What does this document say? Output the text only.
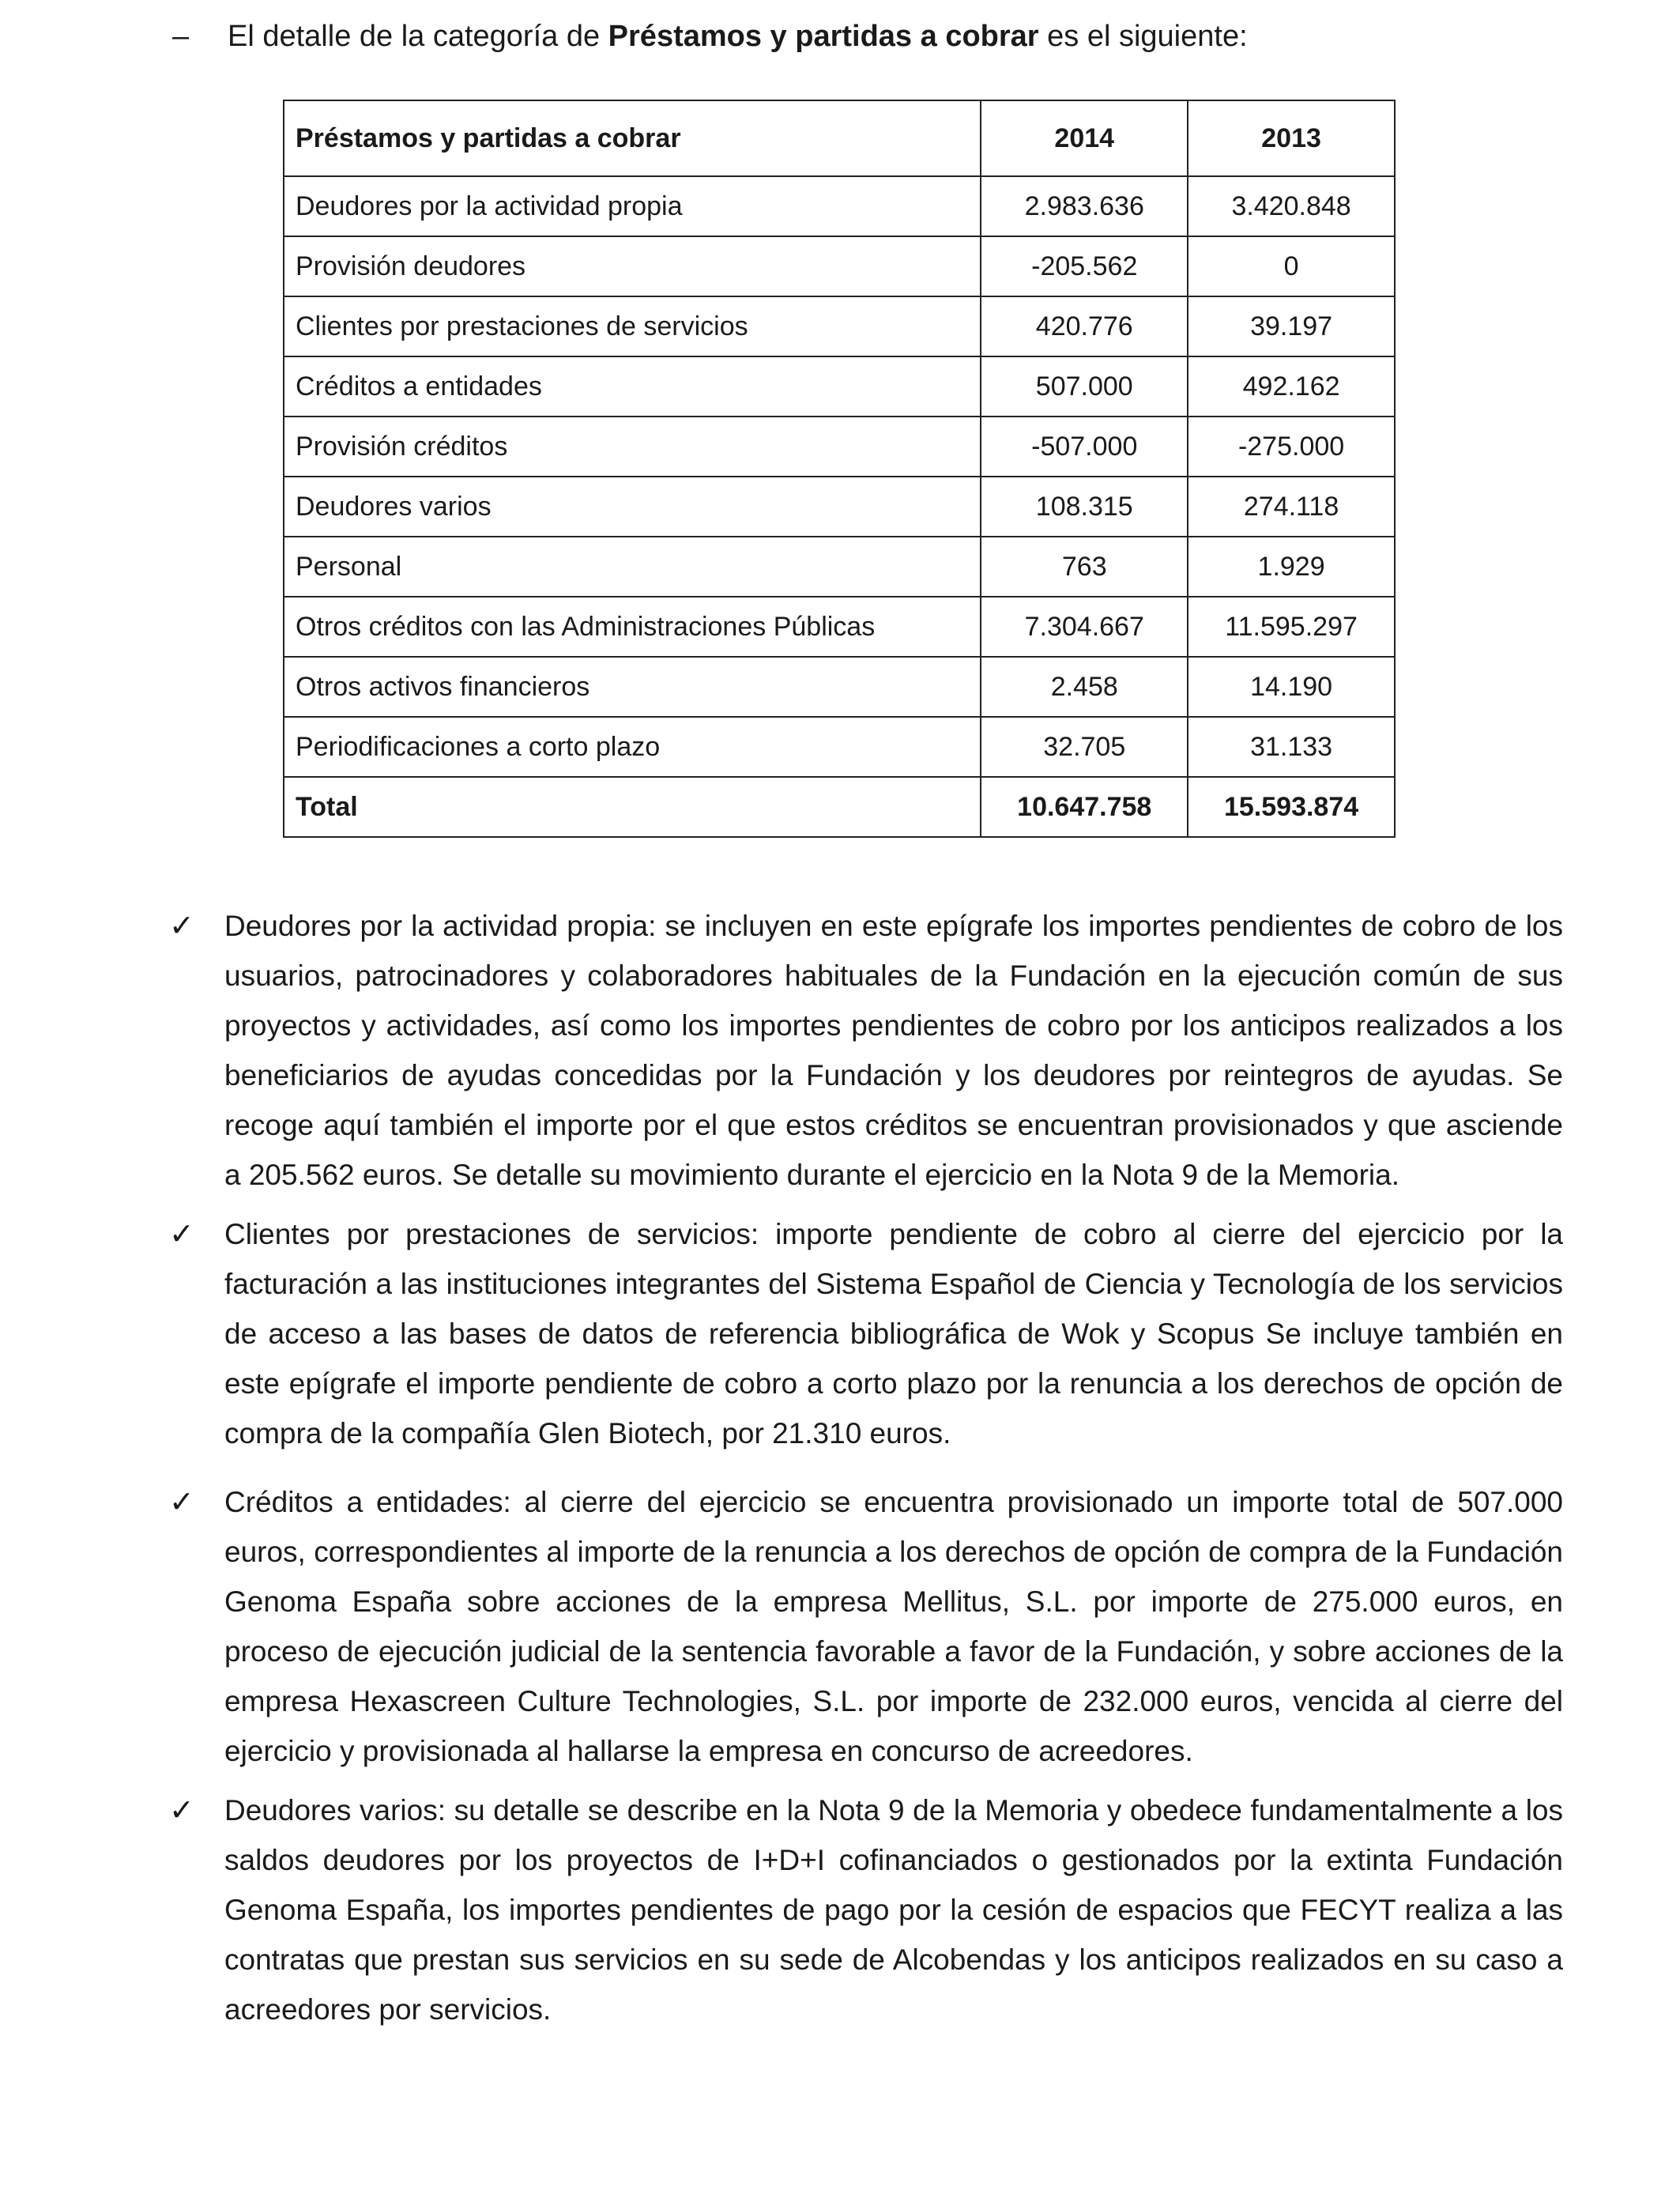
– El detalle de la categoría de Préstamos y partidas a cobrar es el siguiente:
Préstamos y partidas a cobrar	2014	2013
Deudores por la actividad propia	2.983.636	3.420.848
Provisión deudores	-205.562	0
Clientes por prestaciones de servicios	420.776	39.197
Créditos a entidades	507.000	492.162
Provisión créditos	-507.000	-275.000
Deudores varios	108.315	274.118
Personal	763	1.929
Otros créditos con las Administraciones Públicas	7.304.667	11.595.297
Otros activos financieros	2.458	14.190
Periodificaciones a corto plazo	32.705	31.133
Total	10.647.758	15.593.874
✓ Deudores por la actividad propia: se incluyen en este epígrafe los importes pendientes de cobro de los usuarios, patrocinadores y colaboradores habituales de la Fundación en la ejecución común de sus proyectos y actividades, así como los importes pendientes de cobro por los anticipos realizados a los beneficiarios de ayudas concedidas por la Fundación y los deudores por reintegros de ayudas. Se recoge aquí también el importe por el que estos créditos se encuentran provisionados y que asciende a 205.562 euros. Se detalle su movimiento durante el ejercicio en la Nota 9 de la Memoria.
✓ Clientes por prestaciones de servicios: importe pendiente de cobro al cierre del ejercicio por la facturación a las instituciones integrantes del Sistema Español de Ciencia y Tecnología de los servicios de acceso a las bases de datos de referencia bibliográfica de Wok y Scopus Se incluye también en este epígrafe el importe pendiente de cobro a corto plazo por la renuncia a los derechos de opción de compra de la compañía Glen Biotech, por 21.310 euros.
✓ Créditos a entidades: al cierre del ejercicio se encuentra provisionado un importe total de 507.000 euros, correspondientes al importe de la renuncia a los derechos de opción de compra de la Fundación Genoma España sobre acciones de la empresa Mellitus, S.L. por importe de 275.000 euros, en proceso de ejecución judicial de la sentencia favorable a favor de la Fundación, y sobre acciones de la empresa Hexascreen Culture Technologies, S.L. por importe de 232.000 euros, vencida al cierre del ejercicio y provisionada al hallarse la empresa en concurso de acreedores.
✓ Deudores varios: su detalle se describe en la Nota 9 de la Memoria y obedece fundamentalmente a los saldos deudores por los proyectos de I+D+I cofinanciados o gestionados por la extinta Fundación Genoma España, los importes pendientes de pago por la cesión de espacios que FECYT realiza a las contratas que prestan sus servicios en su sede de Alcobendas y los anticipos realizados en su caso a acreedores por servicios.
